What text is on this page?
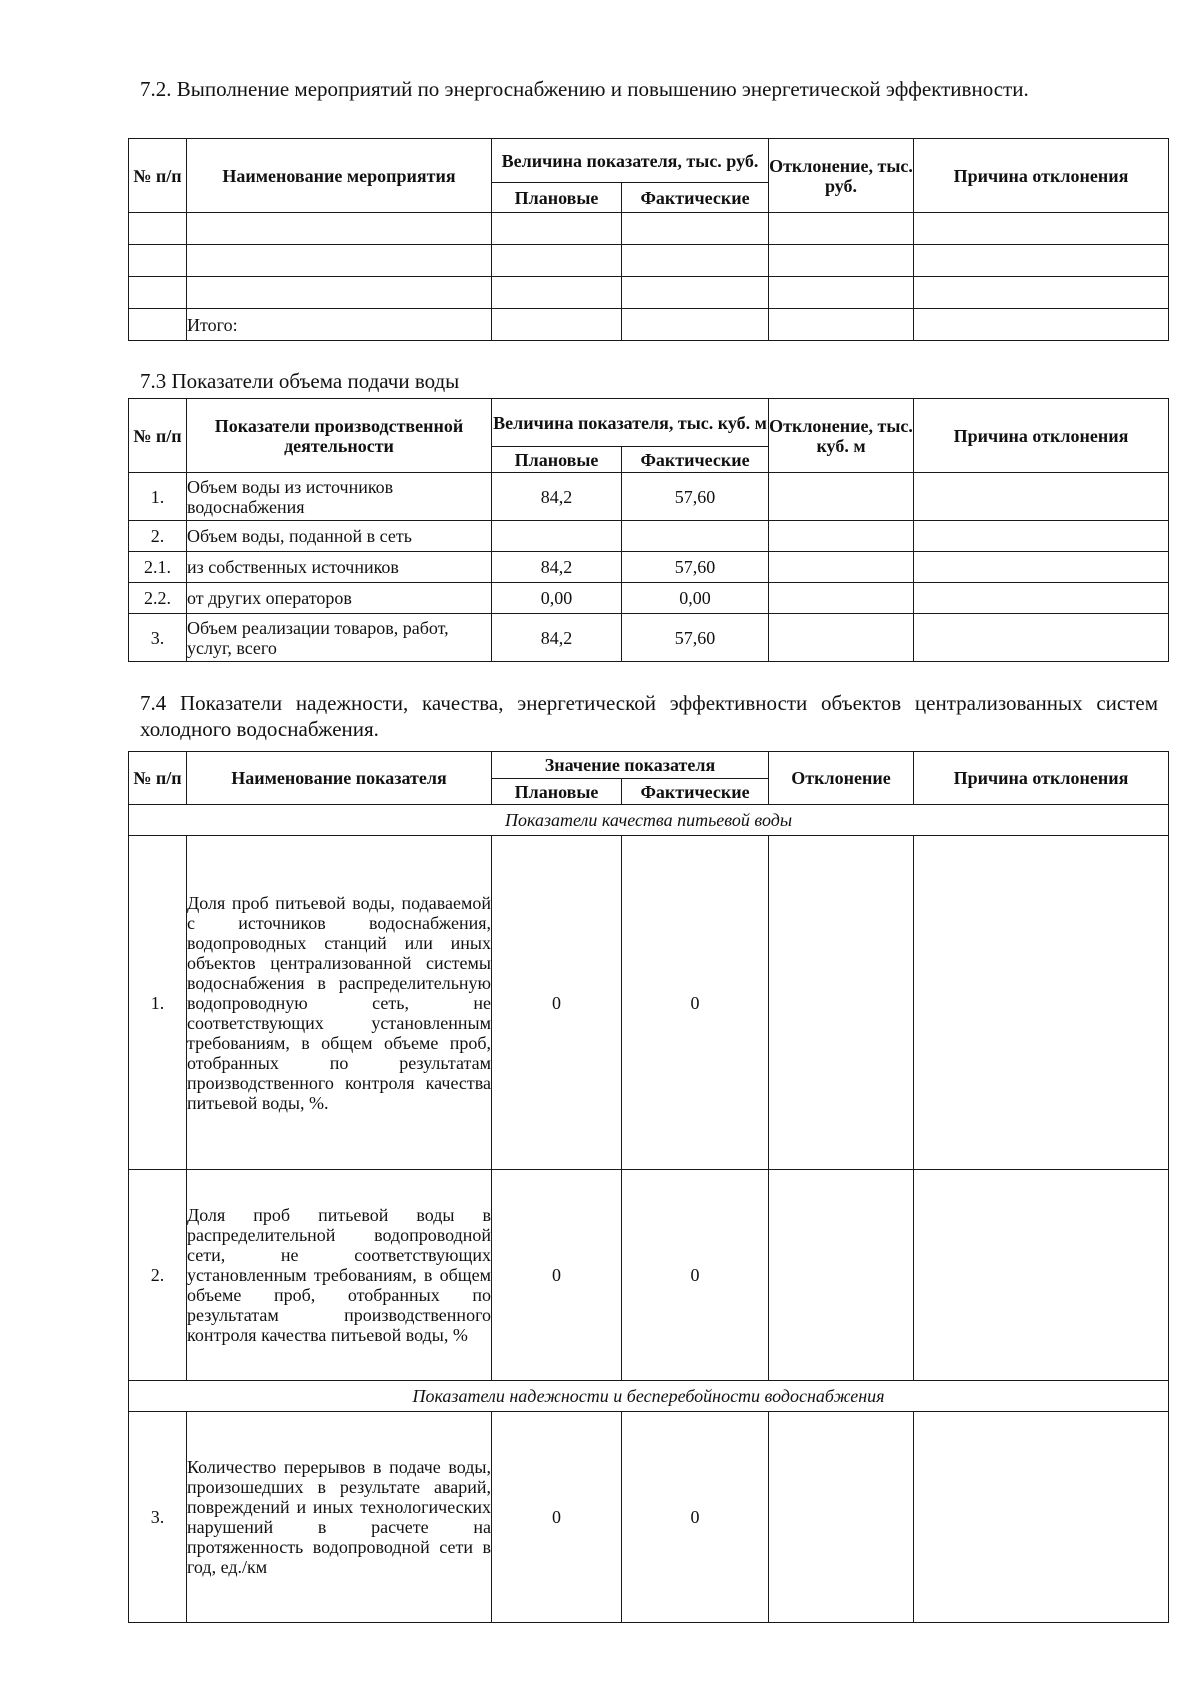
7.2. Выполнение мероприятий по энергоснабжению и повышению энергетической эффективности.
№ п/п	Наименование мероприятия	Величина показателя, тыс. руб.		Отклонение, тыс. руб.	Причина отклонения
		Плановые	Фактические		

	Итого:				
7.3 Показатели объема подачи воды
№ п/п	Показатели производственной деятельности	Величина показателя, тыс. куб. м		Отклонение, тыс. куб. м	Причина отклонения
		Плановые	Фактические		
1.	Объем воды из источников водоснабжения	84,2	57,60		
2.	Объем воды, поданной в сеть				
2.1.	из собственных источников	84,2	57,60		
2.2.	от других операторов	0,00	0,00		
3.	Объем реализации товаров, работ, услуг, всего	84,2	57,60		
7.4 Показатели надежности, качества, энергетической эффективности объектов централизованных систем холодного водоснабжения.
№ п/п	Наименование показателя	Значение показателя		Отклонение	Причина отклонения
		Плановые	Фактические		
Показатели качества питьевой воды					
1.	Доля проб питьевой воды, подаваемой с источников водоснабжения, водопроводных станций или иных объектов централизованной системы водоснабжения в распределительную водопроводную сеть, не соответствующих установленным требованиям, в общем объеме проб, отобранных по результатам производственного контроля качества питьевой воды, %.	0	0		
2.	Доля проб питьевой воды в распределительной водопроводной сети, не соответствующих установленным требованиям, в общем объеме проб, отобранных по результатам производственного контроля качества питьевой воды, %	0	0		
Показатели надежности и бесперебойности водоснабжения					
3.	Количество перерывов в подаче воды, произошедших в результате аварий, повреждений и иных технологических нарушений в расчете на протяженность водопроводной сети в год, ед./км	0	0		
